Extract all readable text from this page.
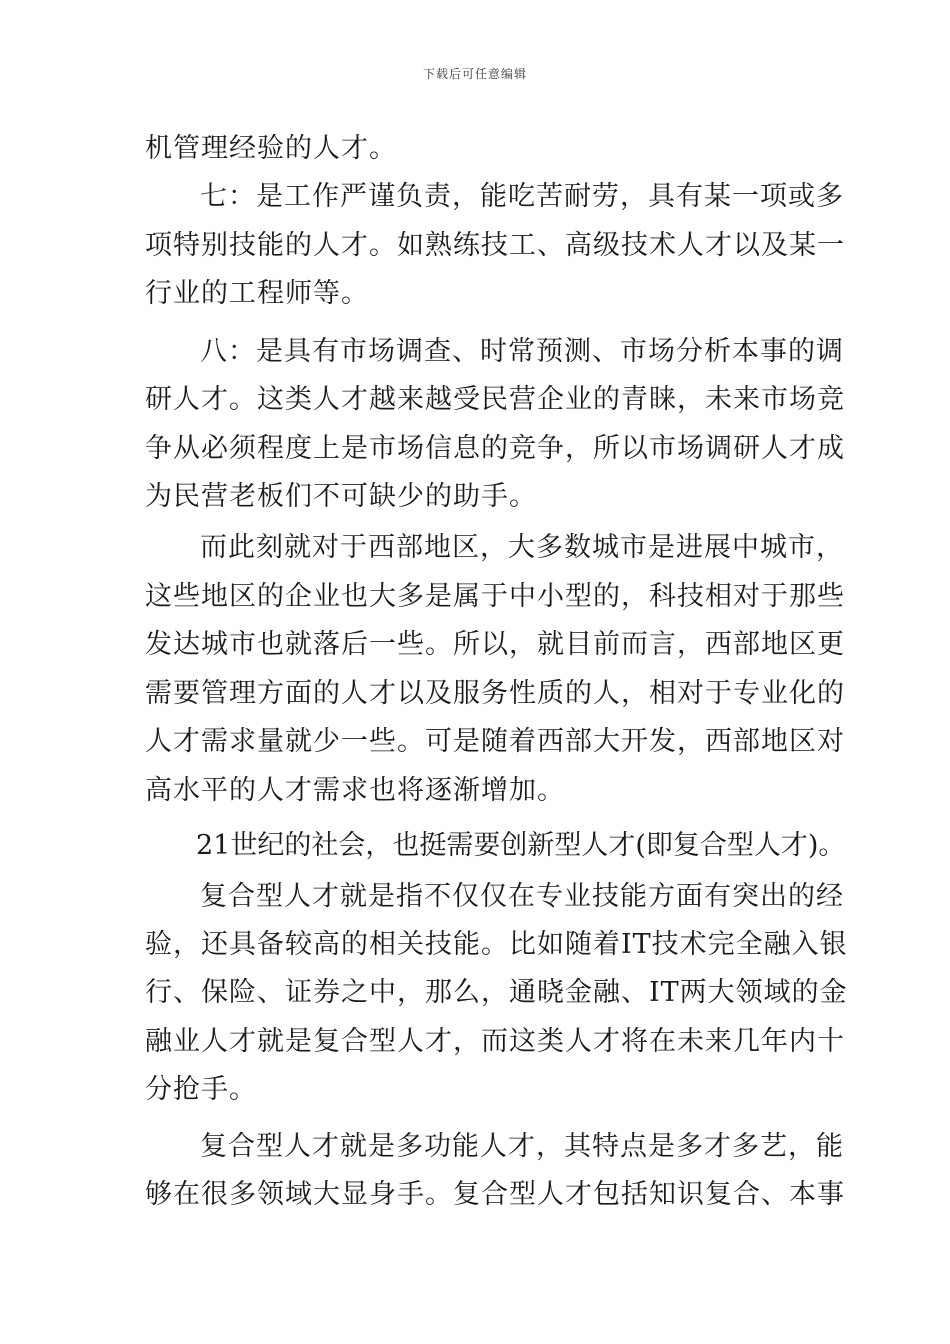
下载后可任意编辑
机管理经验的人才。
七：是工作严谨负责，能吃苦耐劳，具有某一项或多
项特别技能的人才。如熟练技工、高级技术人才以及某一
行业的工程师等。
八：是具有市场调查、时常预测、市场分析本事的调
研人才。这类人才越来越受民营企业的青睐，未来市场竞
争从必须程度上是市场信息的竞争，所以市场调研人才成
为民营老板们不可缺少的助手。
而此刻就对于西部地区，大多数城市是进展中城市，
这些地区的企业也大多是属于中小型的，科技相对于那些
发达城市也就落后一些。所以，就目前而言，西部地区更
需要管理方面的人才以及服务性质的人，相对于专业化的
人才需求量就少一些。可是随着西部大开发，西部地区对
高水平的人才需求也将逐渐增加。
21世纪的社会，也挺需要创新型人才(即复合型人才)。
复合型人才就是指不仅仅在专业技能方面有突出的经
验，还具备较高的相关技能。比如随着IT技术完全融入银
行、保险、证券之中，那么，通晓金融、IT两大领域的金
融业人才就是复合型人才，而这类人才将在未来几年内十
分抢手。
复合型人才就是多功能人才，其特点是多才多艺，能
够在很多领域大显身手。复合型人才包括知识复合、本事
